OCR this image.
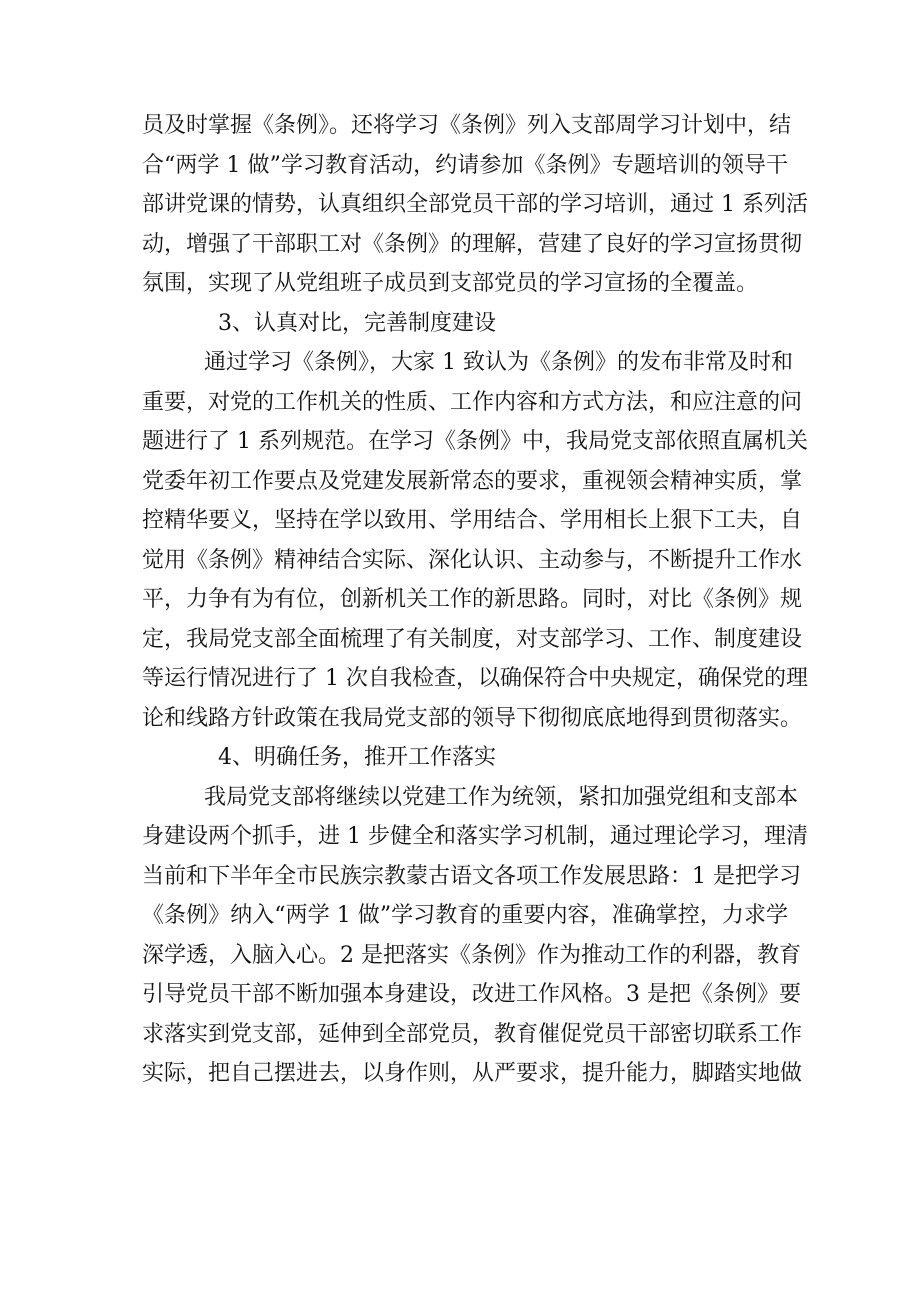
员及时掌握《条例》。还将学习《条例》列入支部周学习计划中，结
合“两学 1 做”学习教育活动，约请参加《条例》专题培训的领导干
部讲党课的情势，认真组织全部党员干部的学习培训，通过 1 系列活
动，增强了干部职工对《条例》的理解，营建了良好的学习宣扬贯彻
氛围，实现了从党组班子成员到支部党员的学习宣扬的全覆盖。
3、认真对比，完善制度建设
通过学习《条例》，大家 1 致认为《条例》的发布非常及时和
重要，对党的工作机关的性质、工作内容和方式方法，和应注意的问
题进行了 1 系列规范。在学习《条例》中，我局党支部依照直属机关
党委年初工作要点及党建发展新常态的要求，重视领会精神实质，掌
控精华要义，坚持在学以致用、学用结合、学用相长上狠下工夫，自
觉用《条例》精神结合实际、深化认识、主动参与，不断提升工作水
平，力争有为有位，创新机关工作的新思路。同时，对比《条例》规
定，我局党支部全面梳理了有关制度，对支部学习、工作、制度建设
等运行情况进行了 1 次自我检查，以确保符合中央规定，确保党的理
论和线路方针政策在我局党支部的领导下彻彻底底地得到贯彻落实。
4、明确任务，推开工作落实
我局党支部将继续以党建工作为统领，紧扣加强党组和支部本
身建设两个抓手，进 1 步健全和落实学习机制，通过理论学习，理清
当前和下半年全市民族宗教蒙古语文各项工作发展思路：1 是把学习
《条例》纳入“两学 1 做”学习教育的重要内容，准确掌控，力求学
深学透，入脑入心。2 是把落实《条例》作为推动工作的利器，教育
引导党员干部不断加强本身建设，改进工作风格。3 是把《条例》要
求落实到党支部，延伸到全部党员，教育催促党员干部密切联系工作
实际，把自己摆进去，以身作则，从严要求，提升能力，脚踏实地做
